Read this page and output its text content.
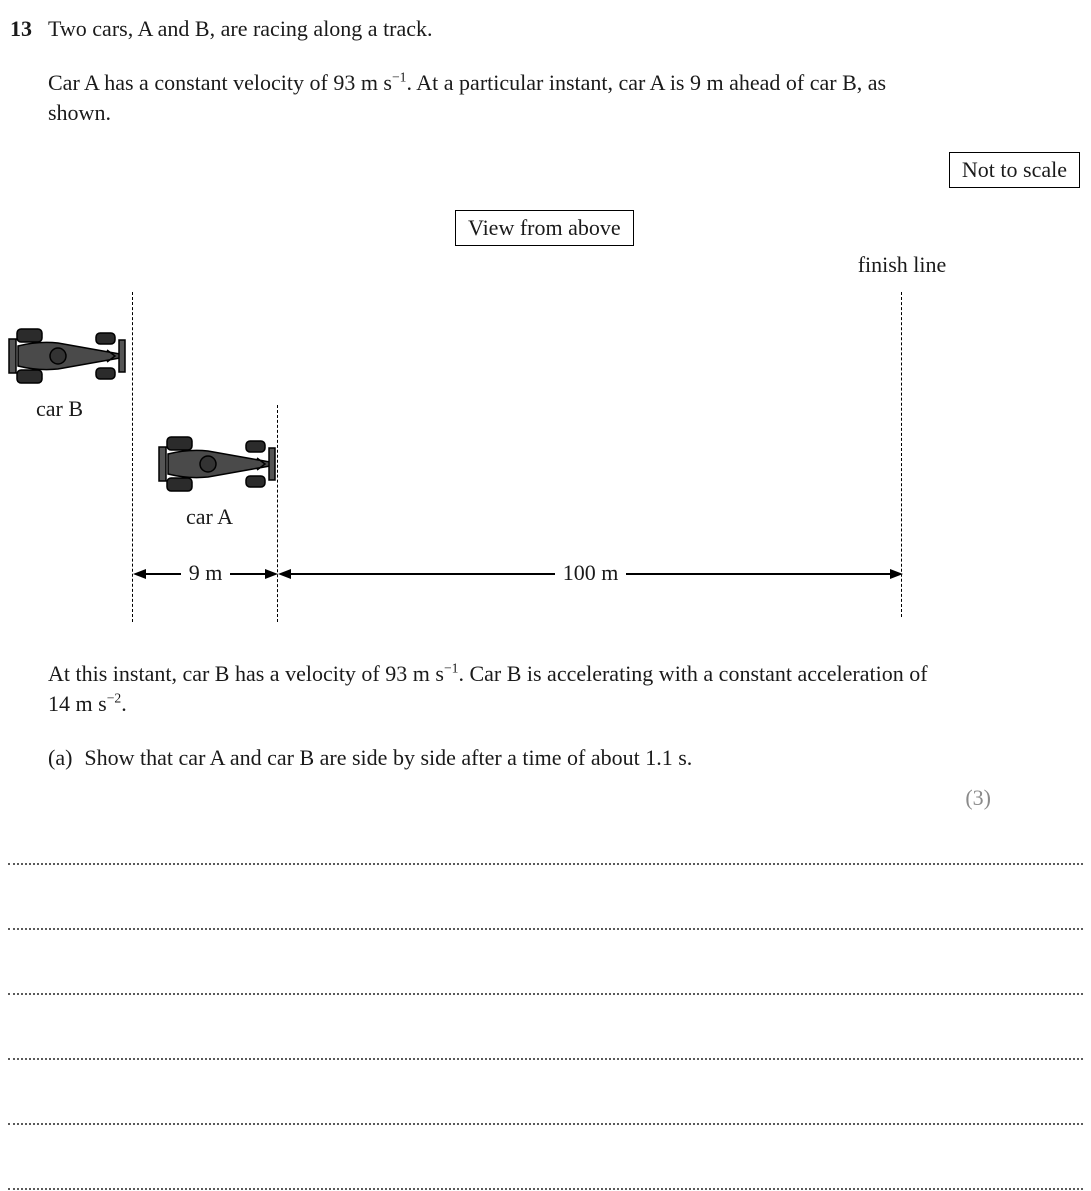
13 Two cars, A and B, are racing along a track.
Car A has a constant velocity of 93 m $s^{-1}$. At a particular instant, car A is 9 m ahead of car B, as shown.
Not to scale
View from above
finish line
car B
car A
9 m	100 m
At this instant, car B has a velocity of 93 m $s^{-1}$. Car B is accelerating with a constant acceleration of 14 m $s^{-2}$.
(a) Show that car A and car B are side by side after a time of about 1.1 s.
(3)
